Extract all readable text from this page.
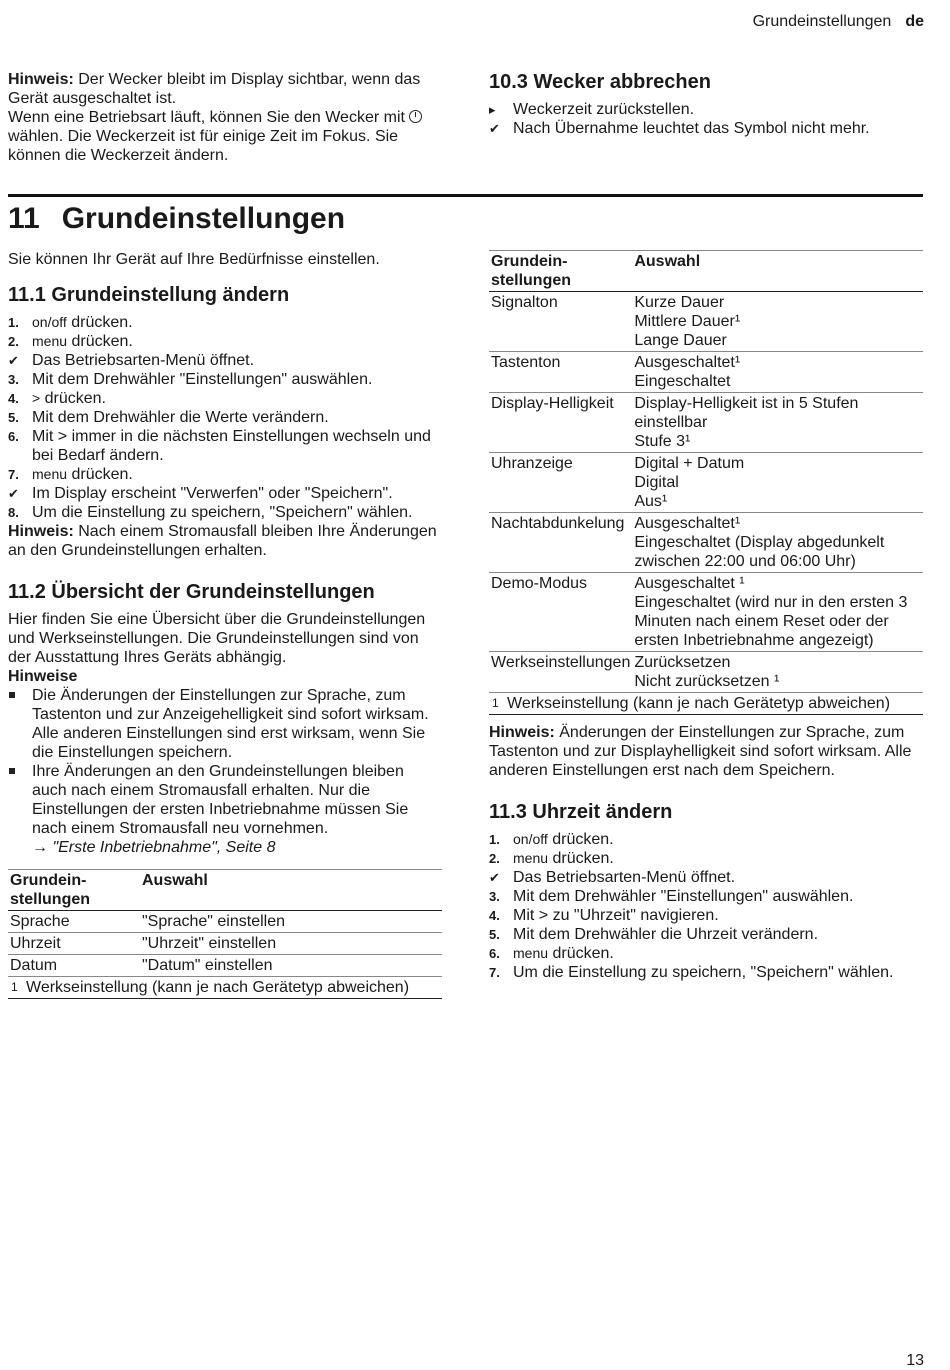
Grundeinstellungen de

Hinweis: Der Wecker bleibt im Display sichtbar, wenn das Gerät ausgeschaltet ist.

Wenn eine Betriebsart läuft, können Sie den Wecker mit  wählen. Die Weckerzeit ist für einige Zeit im Fokus. Sie können die Weckerzeit ändern.

10.3 Wecker abbrechen
▸ Weckerzeit zurückstellen.
✔ Nach Übernahme leuchtet das Symbol nicht mehr.
11 Grundeinstellungen

Sie können Ihr Gerät auf Ihre Bedürfnisse einstellen.

11.1 Grundeinstellung ändern
1. on/off drücken.
2. menu drücken.
✔ Das Betriebsarten-Menü öffnet.
3. Mit dem Drehwähler "Einstellungen" auswählen.
4. > drücken.
5. Mit dem Drehwähler die Werte verändern.
6. Mit > immer in die nächsten Einstellungen wechseln und bei Bedarf ändern.
7. menu drücken.
✔ Im Display erscheint "Verwerfen" oder "Speichern".
8. Um die Einstellung zu speichern, "Speichern" wählen.

Hinweis: Nach einem Stromausfall bleiben Ihre Änderungen an den Grundeinstellungen erhalten.

11.2 Übersicht der Grundeinstellungen

Hier finden Sie eine Übersicht über die Grundeinstellungen und Werkseinstellungen. Die Grundeinstellungen sind von der Ausstattung Ihres Geräts abhängig.

Hinweise

Die Änderungen der Einstellungen zur Sprache, zum Tastenton und zur Anzeigehelligkeit sind sofort wirksam. Alle anderen Einstellungen sind erst wirksam, wenn Sie die Einstellungen speichern.
Ihre Änderungen an den Grundeinstellungen bleiben auch nach einem Stromausfall erhalten. Nur die Einstellungen der ersten Inbetriebnahme müssen Sie nach einem Stromausfall neu vornehmen.
→ "Erste Inbetriebnahme", Seite 8
Grundein-stellungen	Auswahl
Sprache	"Sprache" einstellen
Uhrzeit	"Uhrzeit" einstellen
Datum	"Datum" einstellen

1 Werkseinstellung (kann je nach Gerätetyp abweichen)	
Grundein-stellungen	Auswahl
Signalton	Kurze Dauer
Mittlere Dauer¹
Lange Dauer

Tastenton	Ausgeschaltet¹
Eingeschaltet

Display-Helligkeit	Display-Helligkeit ist in 5 Stufen einstellbar
Stufe 3¹

Uhranzeige	Digital + Datum
Digital
Aus¹

Nachtabdunkelung	Ausgeschaltet¹
Eingeschaltet (Display abgedunkelt zwischen 22:00 und 06:00 Uhr)

Demo-Modus	Ausgeschaltet ¹
Eingeschaltet (wird nur in den ersten 3 Minuten nach einem Reset oder der ersten Inbetriebnahme angezeigt)

Werkseinstellungen	Zurücksetzen
Nicht zurücksetzen ¹

1 Werkseinstellung (kann je nach Gerätetyp abweichen)	

Hinweis: Änderungen der Einstellungen zur Sprache, zum Tastenton und zur Displayhelligkeit sind sofort wirksam. Alle anderen Einstellungen erst nach dem Speichern.

11.3 Uhrzeit ändern
1. on/off drücken.
2. menu drücken.
✔ Das Betriebsarten-Menü öffnet.
3. Mit dem Drehwähler "Einstellungen" auswählen.
4. Mit > zu "Uhrzeit" navigieren.
5. Mit dem Drehwähler die Uhrzeit verändern.
6. menu drücken.
7. Um die Einstellung zu speichern, "Speichern" wählen.
13
